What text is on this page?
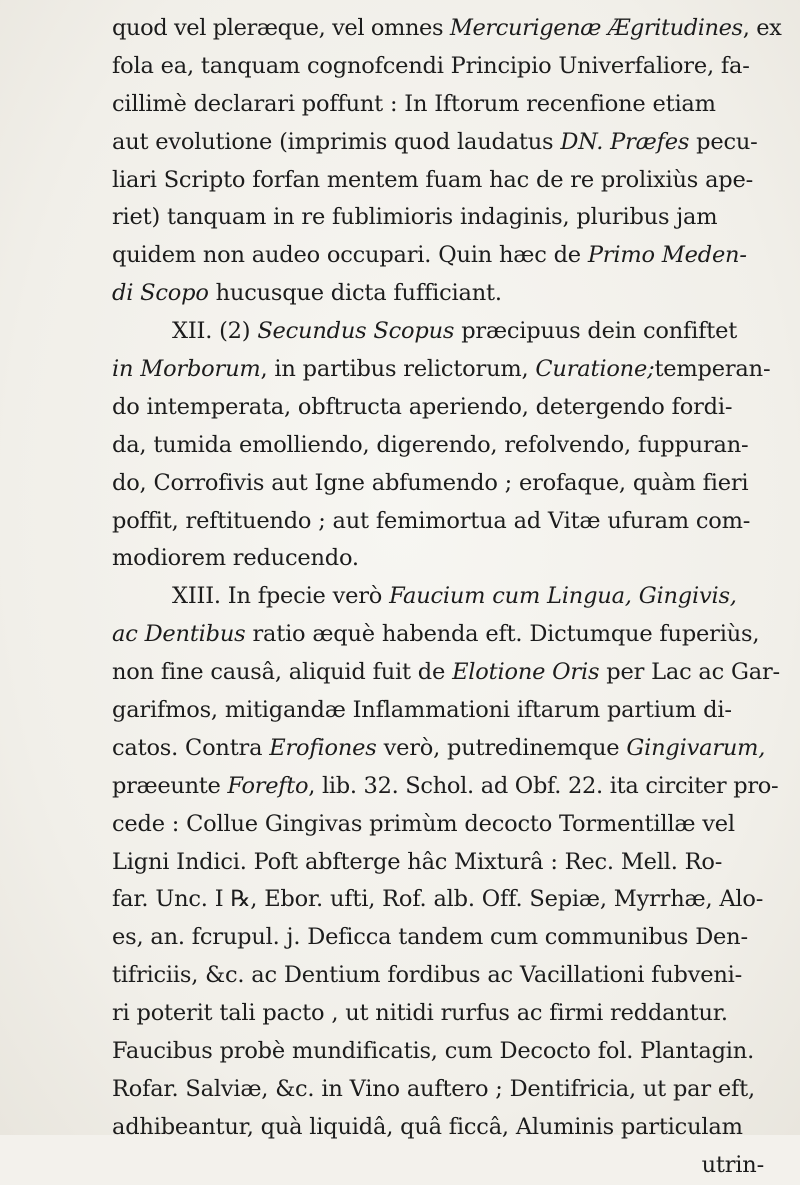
quod vel pleræque, vel omnes Mercurigenæ Ægritudines, ex
fola ea, tanquam cognofcendi Principio Univerfaliore, fa-
cillimè declarari poffunt : In Iftorum recenfione etiam
aut evolutione (imprimis quod laudatus DN. Præfes pecu-
liari Scripto forfan mentem fuam hac de re prolixiùs ape-
riet) tanquam in re fublimioris indaginis, pluribus jam
quidem non audeo occupari. Quin hæc de Primo Meden-
di Scopo hucusque dicta fufficiant.
XII. (2) Secundus Scopus præcipuus dein confiftet
in Morborum, in partibus relictorum, Curatione;temperan-
do intemperata, obftructa aperiendo, detergendo fordi-
da, tumida emolliendo, digerendo, refolvendo, fuppuran-
do, Corrofivis aut Igne abfumendo ; erofaque, quàm fieri
poffit, reftituendo ; aut femimortua ad Vitæ ufuram com-
modiorem reducendo.
XIII. In fpecie verò Faucium cum Lingua, Gingivis,
ac Dentibus ratio æquè habenda eft. Dictumque fuperiùs,
non fine causâ, aliquid fuit de Elotione Oris per Lac ac Gar-
garifmos, mitigandæ Inflammationi iftarum partium di-
catos. Contra Erofiones verò, putredinemque Gingivarum,
præeunte Forefto, lib. 32. Schol. ad Obf. 22. ita circiter pro-
cede : Collue Gingivas primùm decocto Tormentillæ vel
Ligni Indici. Poft abfterge hâc Mixturâ : Rec. Mell. Ro-
far. Unc. I ℞, Ebor. ufti, Rof. alb. Off. Sepiæ, Myrrhæ, Alo-
es, an. fcrupul. j. Deficca tandem cum communibus Den-
tifriciis, &c. ac Dentium fordibus ac Vacillationi fubveni-
ri poterit tali pacto , ut nitidi rurfus ac firmi reddantur.
Faucibus probè mundificatis, cum Decocto fol. Plantagin.
Rofar. Salviæ, &c. in Vino auftero ; Dentifricia, ut par eft,
adhibeantur, quà liquidâ, quâ ficcâ, Aluminis particulam
utrin-
